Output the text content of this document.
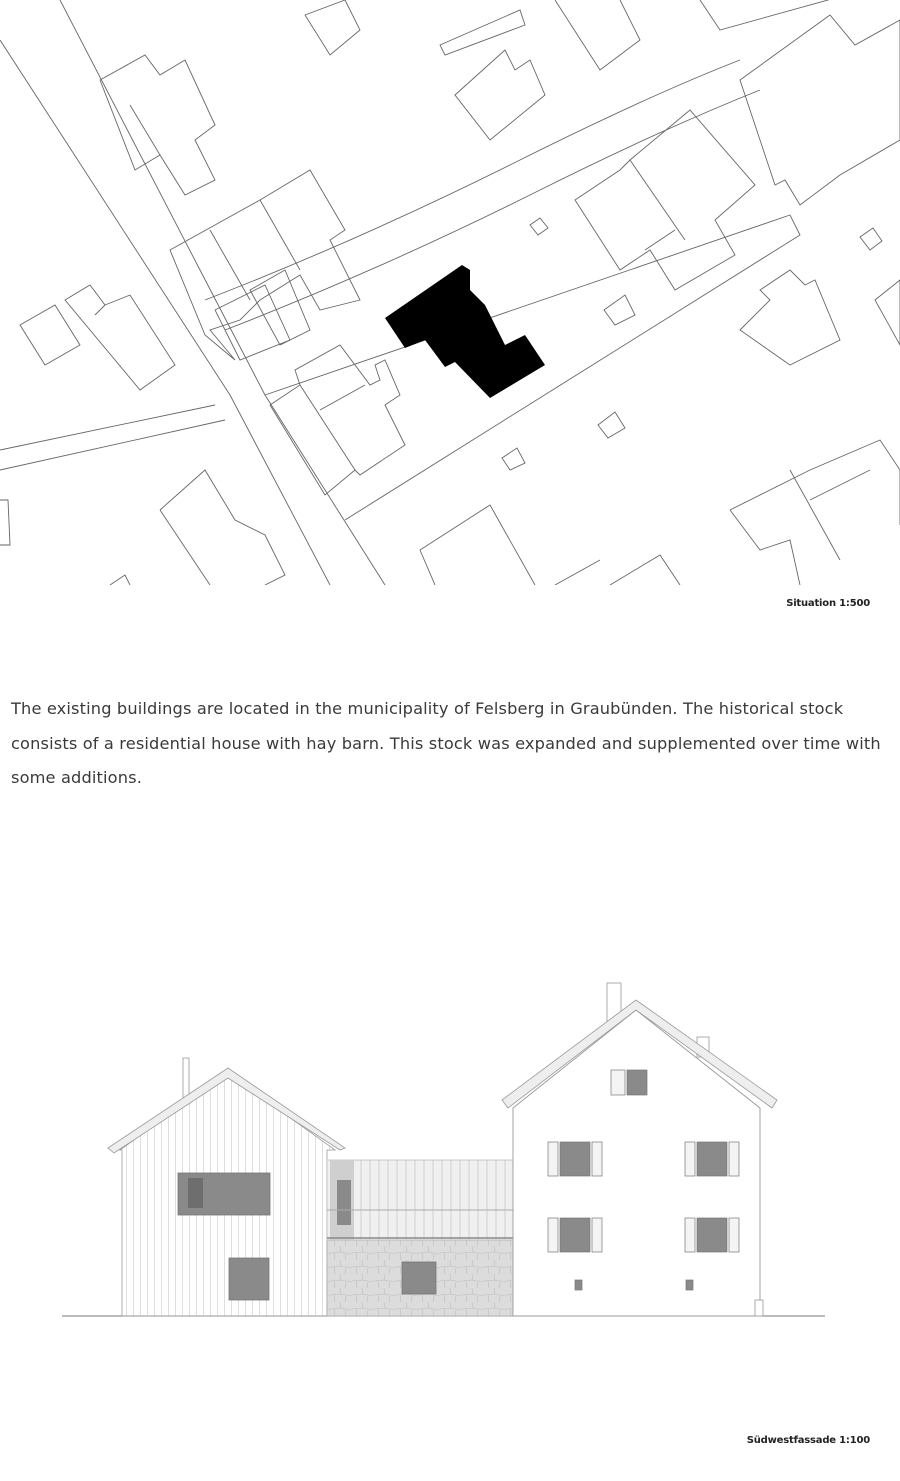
Situation 1:500

The existing buildings are located in the municipality of Felsberg in Graubünden. The historical stock consists of a residential house with hay barn. This stock was expanded and supplemented over time with some additions.

Südwestfassade 1:100
